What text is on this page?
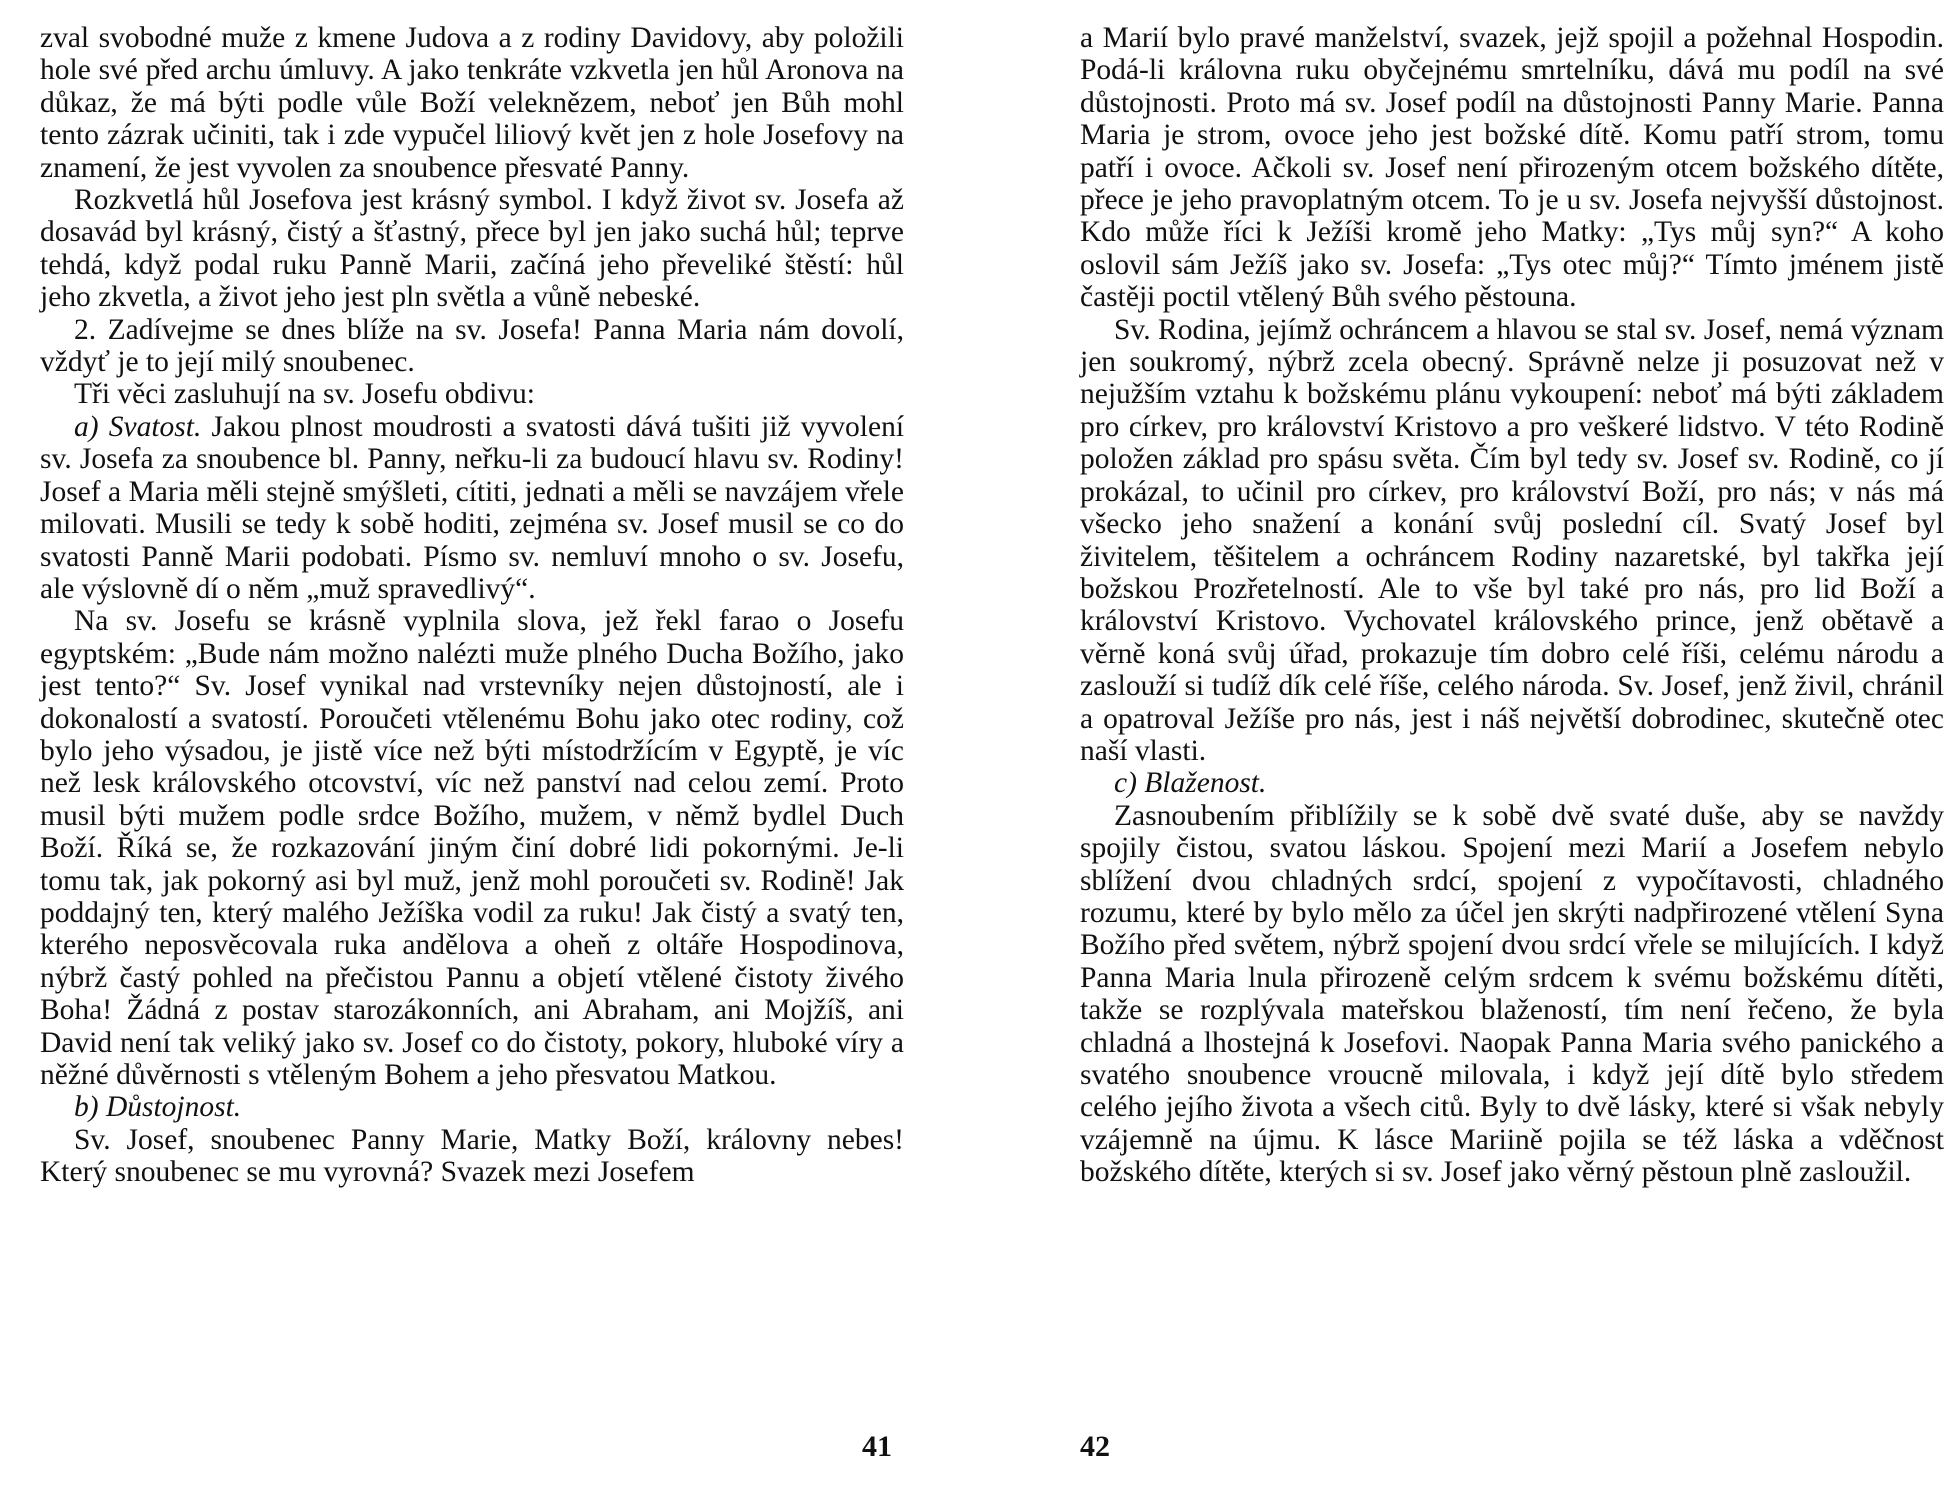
zval svobodné muže z kmene Judova a z rodiny Davidovy, aby položili hole své před archu úmluvy. A jako tenkráte vzkvetla jen hůl Aronova na důkaz, že má býti podle vůle Boží veleknězem, neboť jen Bůh mohl tento zázrak učiniti, tak i zde vypučel liliový květ jen z hole Josefovy na znamení, že jest vyvolen za snoubence přesvaté Panny.

Rozkvetlá hůl Josefova jest krásný symbol. I když život sv. Josefa až dosavád byl krásný, čistý a šťastný, přece byl jen jako suchá hůl; teprve tehdá, když podal ruku Panně Marii, začíná jeho převeliké štěstí: hůl jeho zkvetla, a život jeho jest pln světla a vůně nebeské.

2. Zadívejme se dnes blíže na sv. Josefa! Panna Maria nám dovolí, vždyť je to její milý snoubenec.

Tři věci zasluhují na sv. Josefu obdivu:

a) Svatost. Jakou plnost moudrosti a svatosti dává tušiti již vyvolení sv. Josefa za snoubence bl. Panny, neřku-li za budoucí hlavu sv. Rodiny! Josef a Maria měli stejně smýšleti, cítiti, jednati a měli se navzájem vřele milovati. Musili se tedy k sobě hoditi, zejména sv. Josef musil se co do svatosti Panně Marii podobati. Písmo sv. nemluví mnoho o sv. Josefu, ale výslovně dí o něm „muž spravedlivý“.

Na sv. Josefu se krásně vyplnila slova, jež řekl farao o Josefu egyptském: „Bude nám možno nalézti muže plného Ducha Božího, jako jest tento?“ Sv. Josef vynikal nad vrstevníky nejen důstojností, ale i dokonalostí a svatostí. Poroučeti vtělenému Bohu jako otec rodiny, což bylo jeho výsadou, je jistě více než býti místodržícím v Egyptě, je víc než lesk královského otcovství, víc než panství nad celou zemí. Proto musil býti mužem podle srdce Božího, mužem, v němž bydlel Duch Boží. Říká se, že rozkazování jiným činí dobré lidi pokornými. Je-li tomu tak, jak pokorný asi byl muž, jenž mohl poroučeti sv. Rodině! Jak poddajný ten, který malého Ježíška vodil za ruku! Jak čistý a svatý ten, kterého neposvěcovala ruka andělova a oheň z oltáře Hospodinova, nýbrž častý pohled na přečistou Pannu a objetí vtělené čistoty živého Boha! Žádná z postav starozákonních, ani Abraham, ani Mojžíš, ani David není tak veliký jako sv. Josef co do čistoty, pokory, hluboké víry a něžné důvěrnosti s vtěleným Bohem a jeho přesvatou Matkou.

b) Důstojnost.

Sv. Josef, snoubenec Panny Marie, Matky Boží, královny nebes! Který snoubenec se mu vyrovná? Svazek mezi Josefem

41

a Marií bylo pravé manželství, svazek, jejž spojil a požehnal Hospodin. Podá-li královna ruku obyčejnému smrtelníku, dává mu podíl na své důstojnosti. Proto má sv. Josef podíl na důstojnosti Panny Marie. Panna Maria je strom, ovoce jeho jest božské dítě. Komu patří strom, tomu patří i ovoce. Ačkoli sv. Josef není přirozeným otcem božského dítěte, přece je jeho pravoplatným otcem. To je u sv. Josefa nejvyšší důstojnost. Kdo může říci k Ježíši kromě jeho Matky: „Tys můj syn?“ A koho oslovil sám Ježíš jako sv. Josefa: „Tys otec můj?“ Tímto jménem jistě častěji poctil vtělený Bůh svého pěstouna.

Sv. Rodina, jejímž ochráncem a hlavou se stal sv. Josef, nemá význam jen soukromý, nýbrž zcela obecný. Správně nelze ji posuzovat než v nejužším vztahu k božskému plánu vykoupení: neboť má býti základem pro církev, pro království Kristovo a pro veškeré lidstvo. V této Rodině položen základ pro spásu světa. Čím byl tedy sv. Josef sv. Rodině, co jí prokázal, to učinil pro církev, pro království Boží, pro nás; v nás má všecko jeho snažení a konání svůj poslední cíl. Svatý Josef byl živitelem, těšitelem a ochráncem Rodiny nazaretské, byl takřka její božskou Prozřetelností. Ale to vše byl také pro nás, pro lid Boží a království Kristovo. Vychovatel královského prince, jenž obětavě a věrně koná svůj úřad, prokazuje tím dobro celé říši, celému národu a zaslouží si tudíž dík celé říše, celého národa. Sv. Josef, jenž živil, chránil a opatroval Ježíše pro nás, jest i náš největší dobrodinec, skutečně otec naší vlasti.

c) Blaženost.

Zasnoubením přiblížily se k sobě dvě svaté duše, aby se navždy spojily čistou, svatou láskou. Spojení mezi Marií a Josefem nebylo sblížení dvou chladných srdcí, spojení z vypočítavosti, chladného rozumu, které by bylo mělo za účel jen skrýti nadpřirozené vtělení Syna Božího před světem, nýbrž spojení dvou srdcí vřele se milujících. I když Panna Maria lnula přirozeně celým srdcem k svému božskému dítěti, takže se rozplývala mateřskou blažeností, tím není řečeno, že byla chladná a lhostejná k Josefovi. Naopak Panna Maria svého panického a svatého snoubence vroucně milovala, i když její dítě bylo středem celého jejího života a všech citů. Byly to dvě lásky, které si však nebyly vzájemně na újmu. K lásce Mariině pojila se též láska a vděčnost božského dítěte, kterých si sv. Josef jako věrný pěstoun plně zasloužil.

42
